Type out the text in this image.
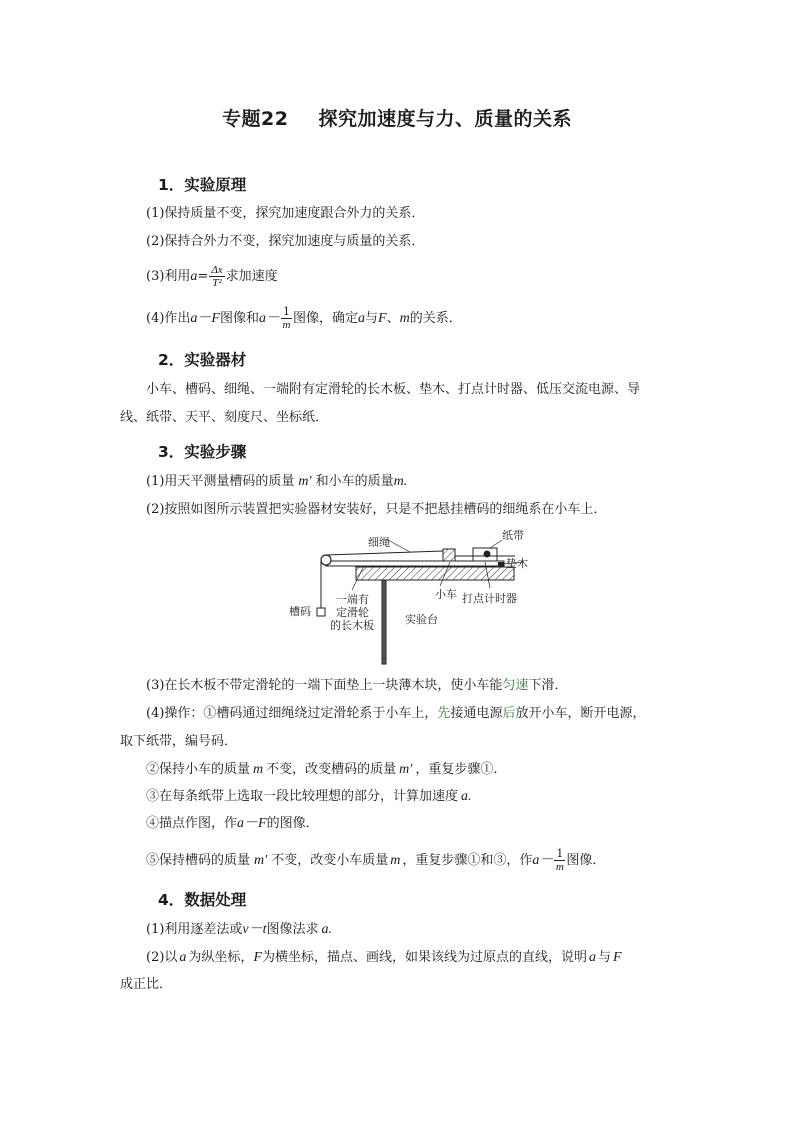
专题22 探究加速度与力、质量的关系
1．实验原理
(1)保持质量不变，探究加速度跟合外力的关系．
(2)保持合外力不变，探究加速度与质量的关系．
(3)利用$a= \frac{\Delta x}{\text{T²}}$ 求加速度
(4)作出a－F图像和$a- \frac{1}{m}$ 图像，确定a与F、m的关系．
2．实验器材
小车、槽码、细绳、一端附有定滑轮的长木板、垫木、打点计时器、低压交流电源、导
线、纸带、天平、刻度尺、坐标纸．
3．实验步骤
(1)用天平测量槽码的质量 m′ 和小车的质量m.
(2)按照如图所示装置把实验器材安装好，只是不把悬挂槽码的细绳系在小车上．
细绳
纸带
垫木
一端有
定滑轮
的长木板
槽码
小车 打点计时器
实验台
(3)在长木板不带定滑轮的一端下面垫上一块薄木块，使小车能匀速下滑．
(4)操作：①槽码通过细绳绕过定滑轮系于小车上，先接通电源后放开小车，断开电源，
取下纸带，编号码．
②保持小车的质量 m 不变，改变槽码的质量 m′ ，重复步骤①.
③在每条纸带上选取一段比较理想的部分，计算加速度 a.
④描点作图，作a－F的图像．
⑤保持槽码的质量 m′ 不变，改变小车质量 m ，重复步骤①和③，作$a- \frac{1}{m}$ 图像．
4．数据处理
(1)利用逐差法或v－t图像法求 a.
(2)以 a 为纵坐标，F为横坐标，描点、画线，如果该线为过原点的直线，说明 a 与 F
成正比．
